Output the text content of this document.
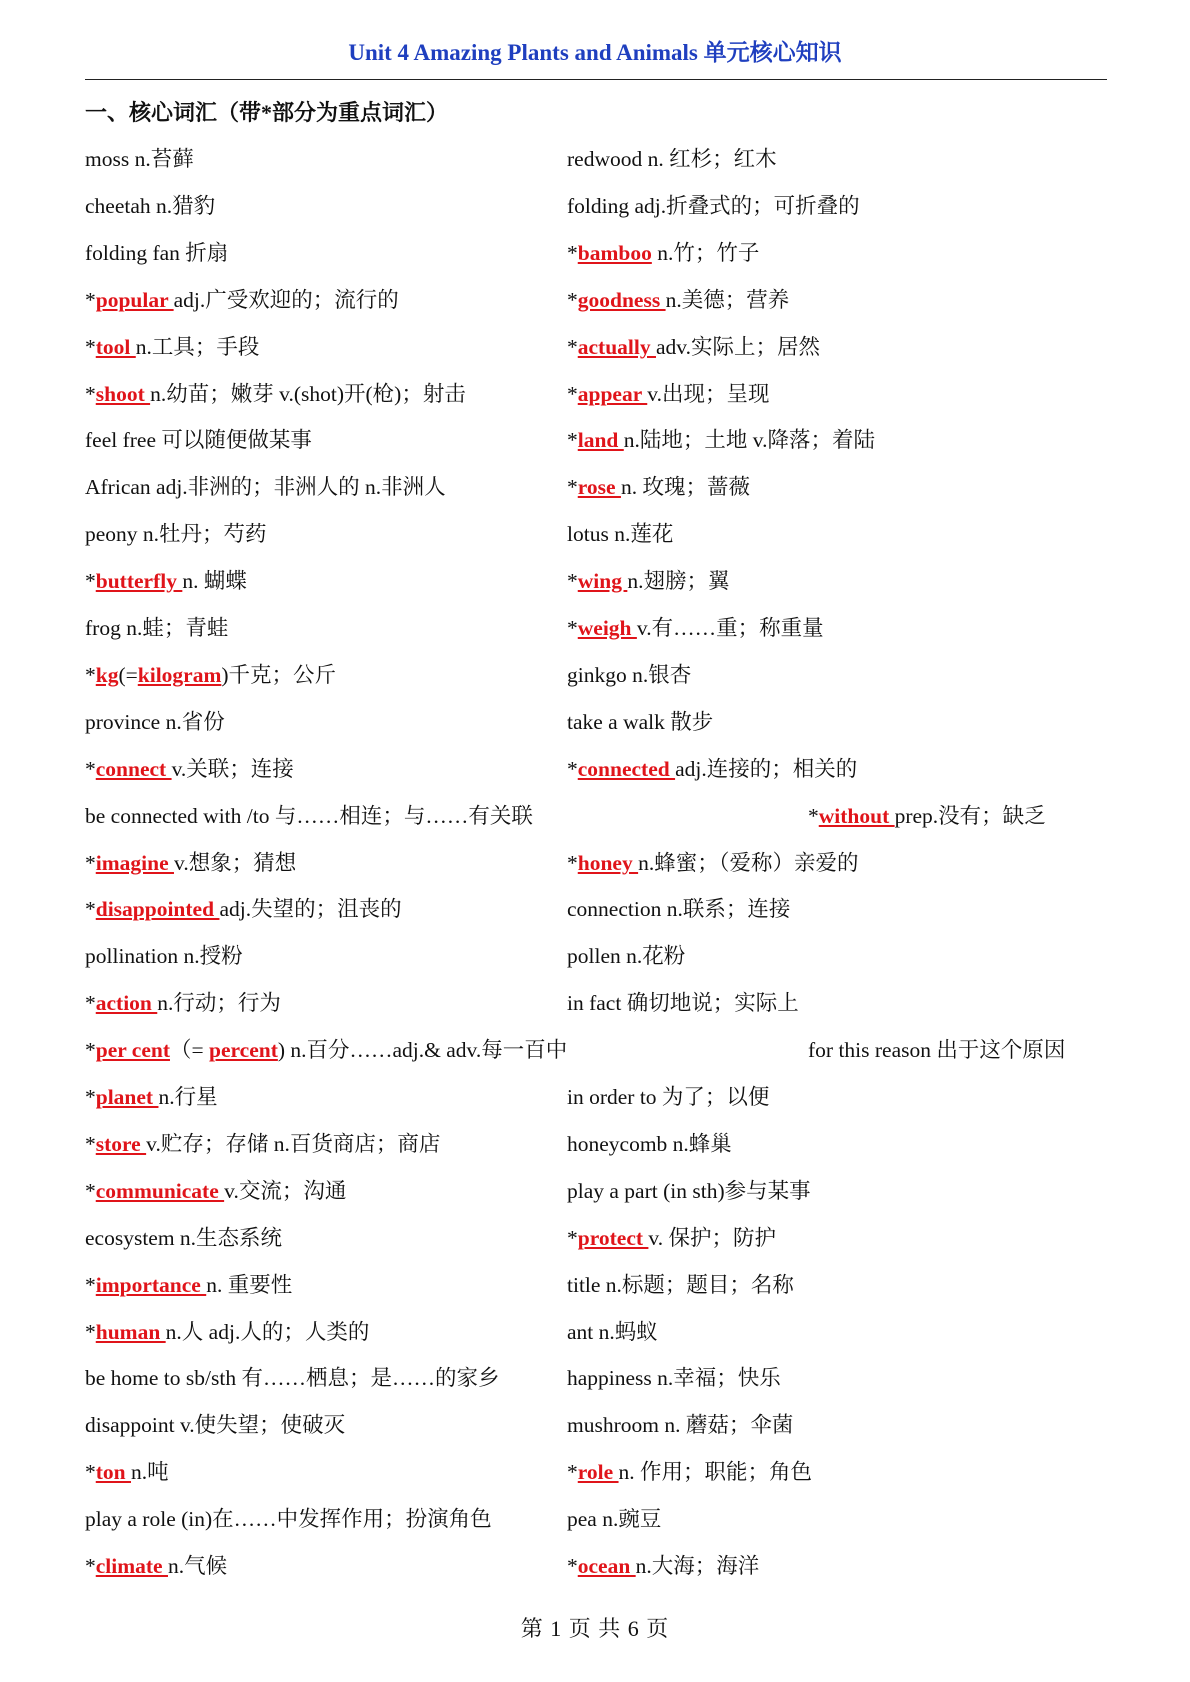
Unit 4 Amazing Plants and Animals 单元核心知识
一、核心词汇（带*部分为重点词汇）
moss n.苔藓	redwood n. 红杉；红木
cheetah n.猎豹	folding adj.折叠式的；可折叠的
folding fan 折扇	*bamboo n.竹；竹子
*popular adj.广受欢迎的；流行的	*goodness n.美德；营养
*tool n.工具；手段	*actually adv.实际上；居然
*shoot n.幼苗；嫩芽 v.(shot)开(枪)；射击	*appear v.出现；呈现
feel free 可以随便做某事	*land n.陆地；土地 v.降落；着陆
African adj.非洲的；非洲人的 n.非洲人	*rose n. 玫瑰；蔷薇
peony n.牡丹；芍药	lotus n.莲花
*butterfly n. 蝴蝶	*wing n.翅膀；翼
frog n.蛙；青蛙	*weigh v.有……重；称重量
*kg(=kilogram)千克；公斤	ginkgo n.银杏
province n.省份	take a walk 散步
*connect v.关联；连接	*connected adj.连接的；相关的
be connected with /to 与……相连；与……有关联	*without prep.没有；缺乏
*imagine v.想象；猜想	*honey n.蜂蜜；（爱称）亲爱的
*disappointed adj.失望的；沮丧的	connection n.联系；连接
pollination n.授粉	pollen n.花粉
*action n.行动；行为	in fact 确切地说；实际上
*per cent（= percent) n.百分……adj.& adv.每一百中	for this reason 出于这个原因
*planet n.行星	in order to 为了；以便
*store v.贮存；存储 n.百货商店；商店	honeycomb n.蜂巢
*communicate v.交流；沟通	play a part (in sth)参与某事
ecosystem n.生态系统	*protect v. 保护；防护
*importance n. 重要性	title n.标题；题目；名称
*human n.人 adj.人的；人类的	ant n.蚂蚁
be home to sb/sth 有……栖息；是……的家乡	happiness n.幸福；快乐
disappoint v.使失望；使破灭	mushroom n. 蘑菇；伞菌
*ton n.吨	*role n. 作用；职能；角色
play a role (in)在……中发挥作用；扮演角色	pea n.豌豆
*climate n.气候	*ocean n.大海；海洋
第 1 页 共 6 页
